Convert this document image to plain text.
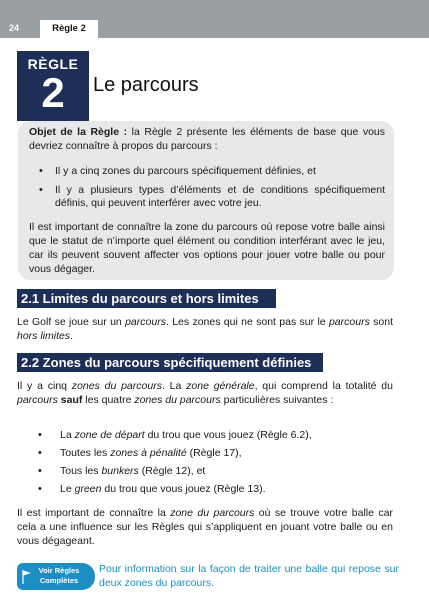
24	Règle 2
RÈGLE
2	Le parcours

Objet de la Règle : la Règle 2 présente les éléments de base que vous devriez connaître à propos du parcours :

• Il y a cinq zones du parcours spécifiquement définies, et
• Il y a plusieurs types d’éléments et de conditions spécifiquement définis, qui peuvent interférer avec votre jeu.

Il est important de connaître la zone du parcours où repose votre balle ainsi que le statut de n’importe quel élément ou condition interférant avec le jeu, car ils peuvent souvent affecter vos options pour jouer votre balle ou pour vous dégager.

2.1 Limites du parcours et hors limites

Le Golf se joue sur un parcours. Les zones qui ne sont pas sur le parcours sont hors limites.

2.2 Zones du parcours spécifiquement définies

Il y a cinq zones du parcours. La zone générale, qui comprend la totalité du parcours sauf les quatre zones du parcours particulières suivantes :

• La zone de départ du trou que vous jouez (Règle 6.2),
• Toutes les zones à pénalité (Règle 17),
• Tous les bunkers (Règle 12), et
• Le green du trou que vous jouez (Règle 13).

Il est important de connaître la zone du parcours où se trouve votre balle car cela a une influence sur les Règles qui s’appliquent en jouant votre balle ou en vous dégageant.

Voir Règles Complètes

Pour information sur la façon de traiter une balle qui repose sur deux zones du parcours.
